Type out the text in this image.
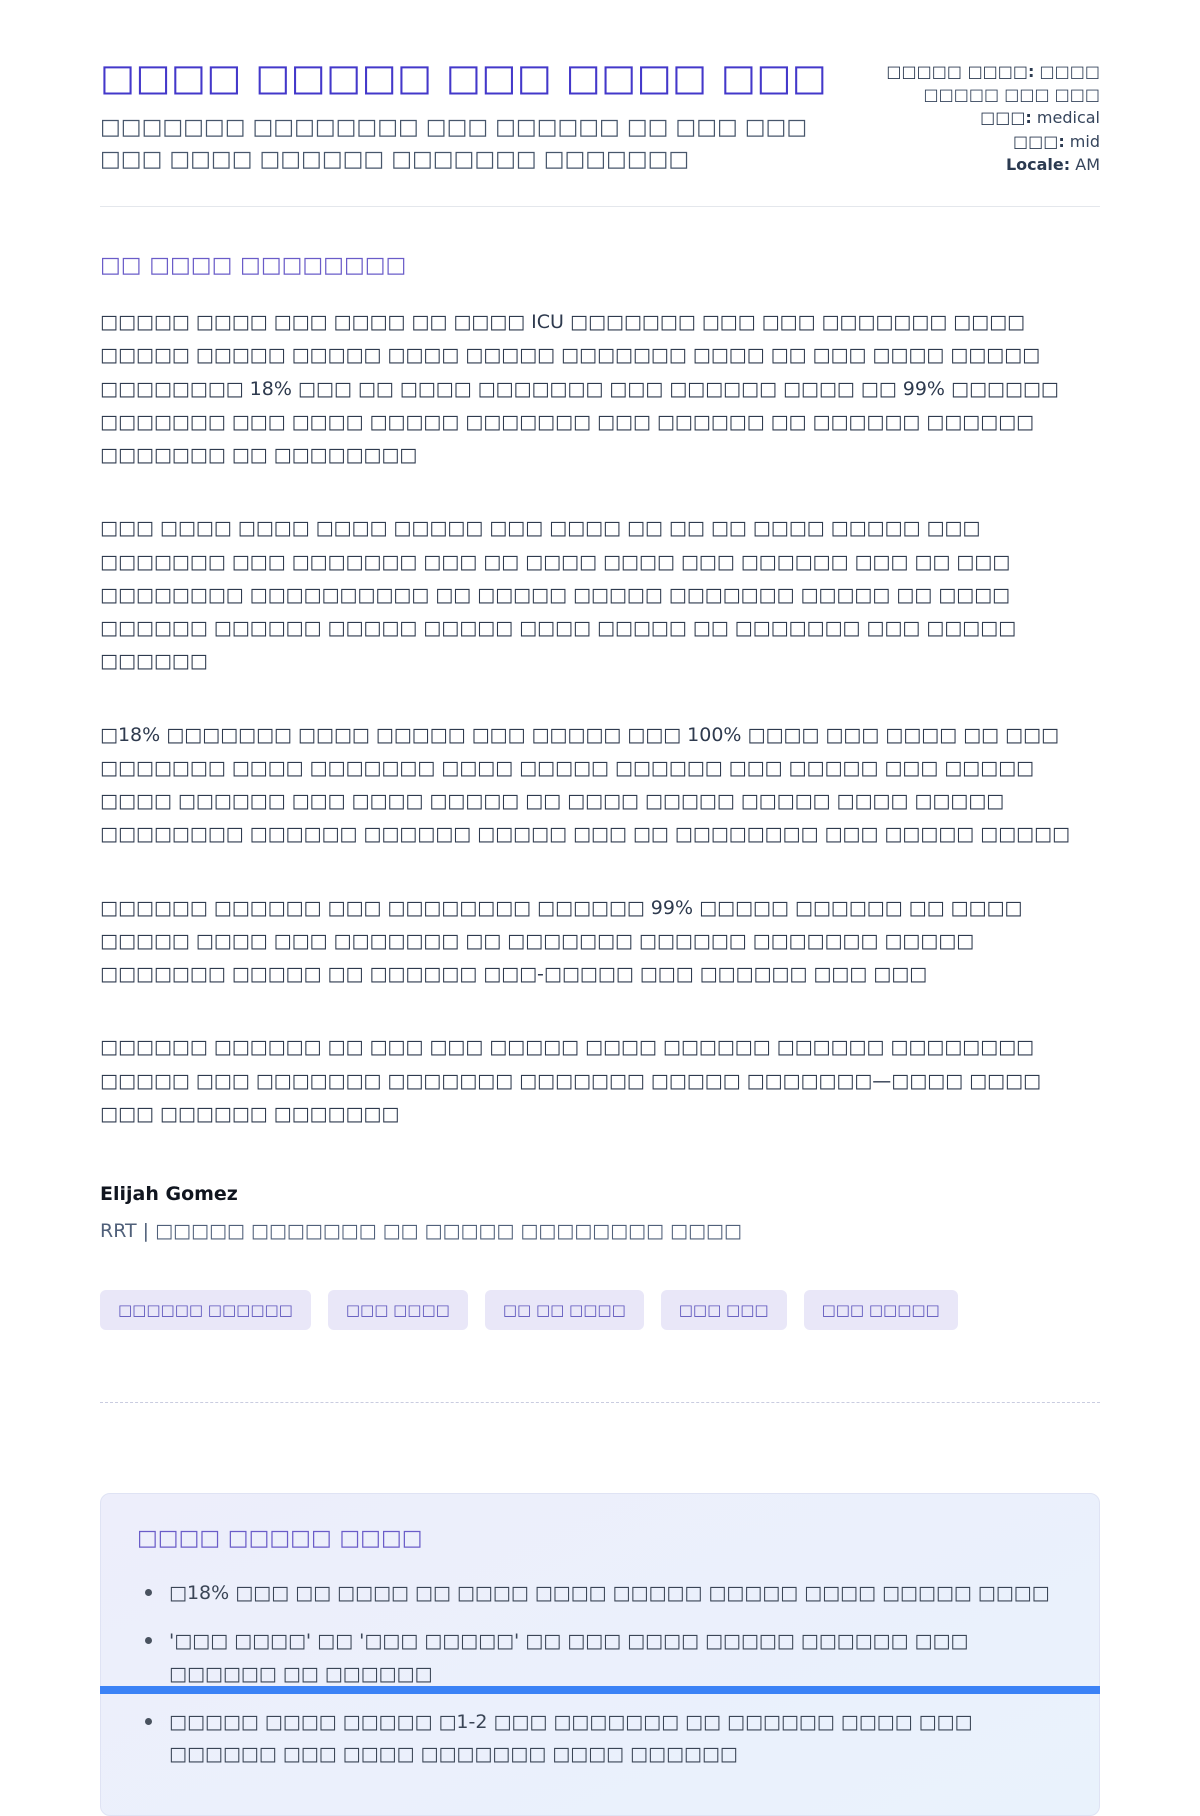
□□□□ □□□□□ □□□ □□□□ □□□

□□□□□□□ □□□□□□□□ □□□ □□□□□□ □□ □□□ □□□ □□□ □□□□ □□□□□□ □□□□□□□ □□□□□□□

□□□□□ □□□□: □□□□ □□□□□ □□□ □□□
□□□: medical
□□□: mid
Locale: AM
□□ □□□□ □□□□□□□□

□□□□□ □□□□ □□□ □□□□ □□ □□□□ ICU □□□□□□□ □□□ □□□ □□□□□□□ □□□□ □□□□□ □□□□□ □□□□□ □□□□ □□□□□ □□□□□□□ □□□□ □□ □□□ □□□□ □□□□□ □□□□□□□□ 18% □□□ □□ □□□□ □□□□□□□ □□□ □□□□□□ □□□□ □□ 99% □□□□□□ □□□□□□□ □□□ □□□□ □□□□□ □□□□□□□ □□□ □□□□□□ □□ □□□□□□ □□□□□□ □□□□□□□ □□ □□□□□□□□

□□□ □□□□ □□□□ □□□□ □□□□□ □□□ □□□□ □□ □□ □□ □□□□ □□□□□ □□□ □□□□□□□ □□□ □□□□□□□ □□□ □□ □□□□ □□□□ □□□ □□□□□□ □□□ □□ □□□ □□□□□□□□ □□□□□□□□□□ □□ □□□□□ □□□□□ □□□□□□□ □□□□□ □□ □□□□ □□□□□□ □□□□□□ □□□□□ □□□□□ □□□□ □□□□□ □□ □□□□□□□ □□□ □□□□□ □□□□□□

□18% □□□□□□□ □□□□ □□□□□ □□□ □□□□□ □□□ 100% □□□□ □□□ □□□□ □□ □□□ □□□□□□□ □□□□ □□□□□□□ □□□□ □□□□□ □□□□□□ □□□ □□□□□ □□□ □□□□□ □□□□ □□□□□□ □□□ □□□□ □□□□□ □□ □□□□ □□□□□ □□□□□ □□□□ □□□□□ □□□□□□□□ □□□□□□ □□□□□□ □□□□□ □□□ □□ □□□□□□□□ □□□ □□□□□ □□□□□

□□□□□□ □□□□□□ □□□ □□□□□□□□ □□□□□□ 99% □□□□□ □□□□□□ □□ □□□□ □□□□□ □□□□ □□□ □□□□□□□ □□ □□□□□□□ □□□□□□ □□□□□□□ □□□□□ □□□□□□□ □□□□□ □□ □□□□□□ □□□-□□□□□ □□□ □□□□□□ □□□ □□□

□□□□□□ □□□□□□ □□ □□□ □□□ □□□□□ □□□□ □□□□□□ □□□□□□ □□□□□□□□ □□□□□ □□□ □□□□□□□ □□□□□□□ □□□□□□□ □□□□□ □□□□□□□—□□□□ □□□□ □□□ □□□□□□ □□□□□□□

Elijah Gomez
RRT | □□□□□ □□□□□□□ □□ □□□□□ □□□□□□□□ □□□□
□□□□□□ □□□□□□	□□□ □□□□	□□ □□ □□□□	□□□ □□□	□□□ □□□□□
□□□□ □□□□□ □□□□
□18% □□□ □□ □□□□ □□ □□□□ □□□□ □□□□□ □□□□□ □□□□ □□□□□ □□□□
'□□□ □□□□' □□ '□□□ □□□□□' □□ □□□ □□□□ □□□□□ □□□□□□ □□□ □□□□□□ □□ □□□□□□
□□□□□ □□□□ □□□□□ □1-2 □□□ □□□□□□□ □□ □□□□□□ □□□□ □□□ □□□□□□ □□□ □□□□ □□□□□□□ □□□□ □□□□□□
